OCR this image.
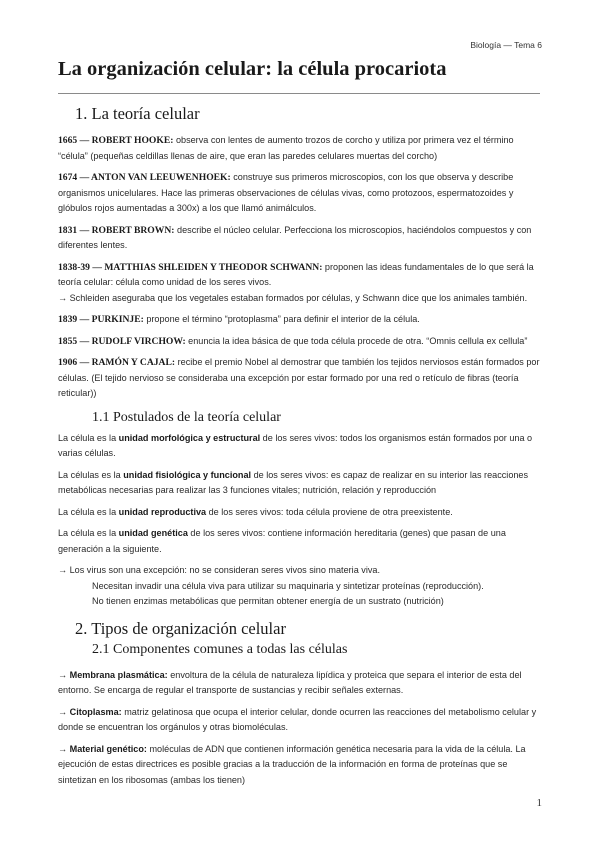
Biología — Tema 6
La organización celular: la célula procariota
1. La teoría celular

1665 — ROBERT HOOKE: observa con lentes de aumento trozos de corcho y utiliza por primera vez el término “célula” (pequeñas celdillas llenas de aire, que eran las paredes celulares muertas del corcho)

1674 — ANTON VAN LEEUWENHOEK: construye sus primeros microscopios, con los que observa y describe organismos unicelulares. Hace las primeras observaciones de células vivas, como protozoos, espermatozoides y glóbulos rojos aumentadas a 300x) a los que llamó animálculos.

1831 — ROBERT BROWN: describe el núcleo celular. Perfecciona los microscopios, haciéndolos compuestos y con diferentes lentes.

1838-39 — MATTHIAS SHLEIDEN Y THEODOR SCHWANN: proponen las ideas fundamentales de lo que será la teoría celular: célula como unidad de los seres vivos.

→ Schleiden aseguraba que los vegetales estaban formados por células, y Schwann dice que los animales también.

1839 — PURKINJE: propone el término “protoplasma” para definir el interior de la célula.

1855 — RUDOLF VIRCHOW: enuncia la idea básica de que toda célula procede de otra. “Omnis cellula ex cellula”

1906 — RAMÓN Y CAJAL: recibe el premio Nobel al demostrar que también los tejidos nerviosos están formados por células. (El tejido nervioso se consideraba una excepción por estar formado por una red o retículo de fibras (teoría reticular))

1.1 Postulados de la teoría celular

La célula es la unidad morfológica y estructural de los seres vivos: todos los organismos están formados por una o varias células.

La células es la unidad fisiológica y funcional de los seres vivos: es capaz de realizar en su interior las reacciones metabólicas necesarias para realizar las 3 funciones vitales; nutrición, relación y reproducción

La célula es la unidad reproductiva de los seres vivos: toda célula proviene de otra preexistente.

La célula es la unidad genética de los seres vivos: contiene información hereditaria (genes) que pasan de una generación a la siguiente.

→ Los virus son una excepción: no se consideran seres vivos sino materia viva.

Necesitan invadir una célula viva para utilizar su maquinaria y sintetizar proteínas (reproducción).

No tienen enzimas metabólicas que permitan obtener energía de un sustrato (nutrición)

2. Tipos de organización celular
2.1 Componentes comunes a todas las células

→ Membrana plasmática: envoltura de la célula de naturaleza lipídica y proteica que separa el interior de esta del entorno. Se encarga de regular el transporte de sustancias y recibir señales externas.

→ Citoplasma: matriz gelatinosa que ocupa el interior celular, donde ocurren las reacciones del metabolismo celular y donde se encuentran los orgánulos y otras biomoléculas.

→ Material genético: moléculas de ADN que contienen información genética necesaria para la vida de la célula. La ejecución de estas directrices es posible gracias a la traducción de la información en forma de proteínas que se sintetizan en los ribosomas (ambas los tienen)

1
